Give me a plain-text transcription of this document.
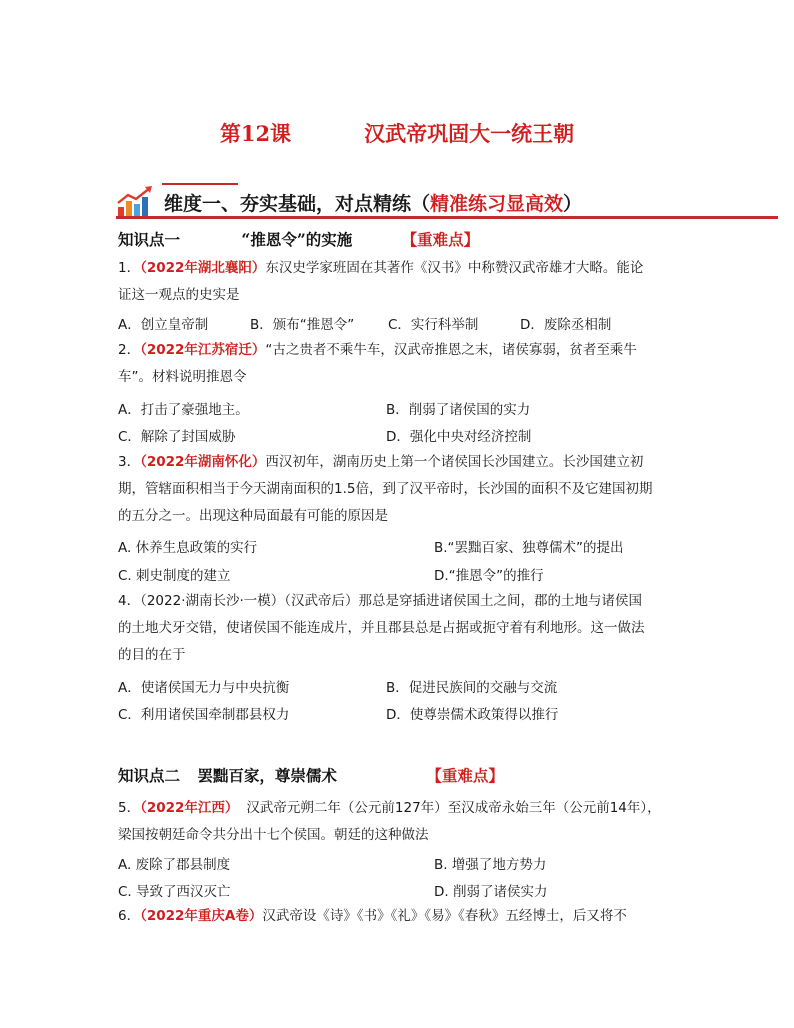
第12课          汉武帝巩固大一统王朝
维度一、夯实基础，对点精练（精准练习显高效）
知识点一	“推恩令”的实施	【重难点】
1．（2022年湖北襄阳）东汉史学家班固在其著作《汉书》中称赞汉武帝雄才大略。能论
证这一观点的史实是
A．创立皇帝制	B．颁布“推恩令”	C．实行科举制	D．废除丞相制
2．（2022年江苏宿迁）“古之贵者不乘牛车，汉武帝推恩之末，诸侯寡弱，贫者至乘牛
车”。材料说明推恩令
A．打击了豪强地主。	B．削弱了诸侯国的实力
C．解除了封国威胁	D．强化中央对经济控制
3．（2022年湖南怀化）西汉初年，湖南历史上第一个诸侯国长沙国建立。长沙国建立初
期，管辖面积相当于今天湖南面积的1.5倍，到了汉平帝时，长沙国的面积不及它建国初期
的五分之一。出现这种局面最有可能的原因是
A. 休养生息政策的实行	B.“罢黜百家、独尊儒术”的提出
C. 刺史制度的建立	D.“推恩令”的推行
4．（2022·湖南长沙·一模）（汉武帝后）那总是穿插进诸侯国土之间，郡的土地与诸侯国
的土地犬牙交错，使诸侯国不能连成片，并且郡县总是占据或扼守着有利地形。这一做法
的目的在于
A．使诸侯国无力与中央抗衡	B．促进民族间的交融与交流
C．利用诸侯国牵制郡县权力	D．使尊崇儒术政策得以推行
知识点二 罢黜百家，尊崇儒术	【重难点】
5．（2022年江西） 汉武帝元朔二年（公元前127年）至汉成帝永始三年（公元前14年），
梁国按朝廷命令共分出十七个侯国。朝廷的这种做法
A. 废除了郡县制度	B. 增强了地方势力
C. 导致了西汉灭亡	D. 削弱了诸侯实力
6．（2022年重庆A卷）汉武帝设《诗》《书》《礼》《易》《春秋》五经博士，后又将不
